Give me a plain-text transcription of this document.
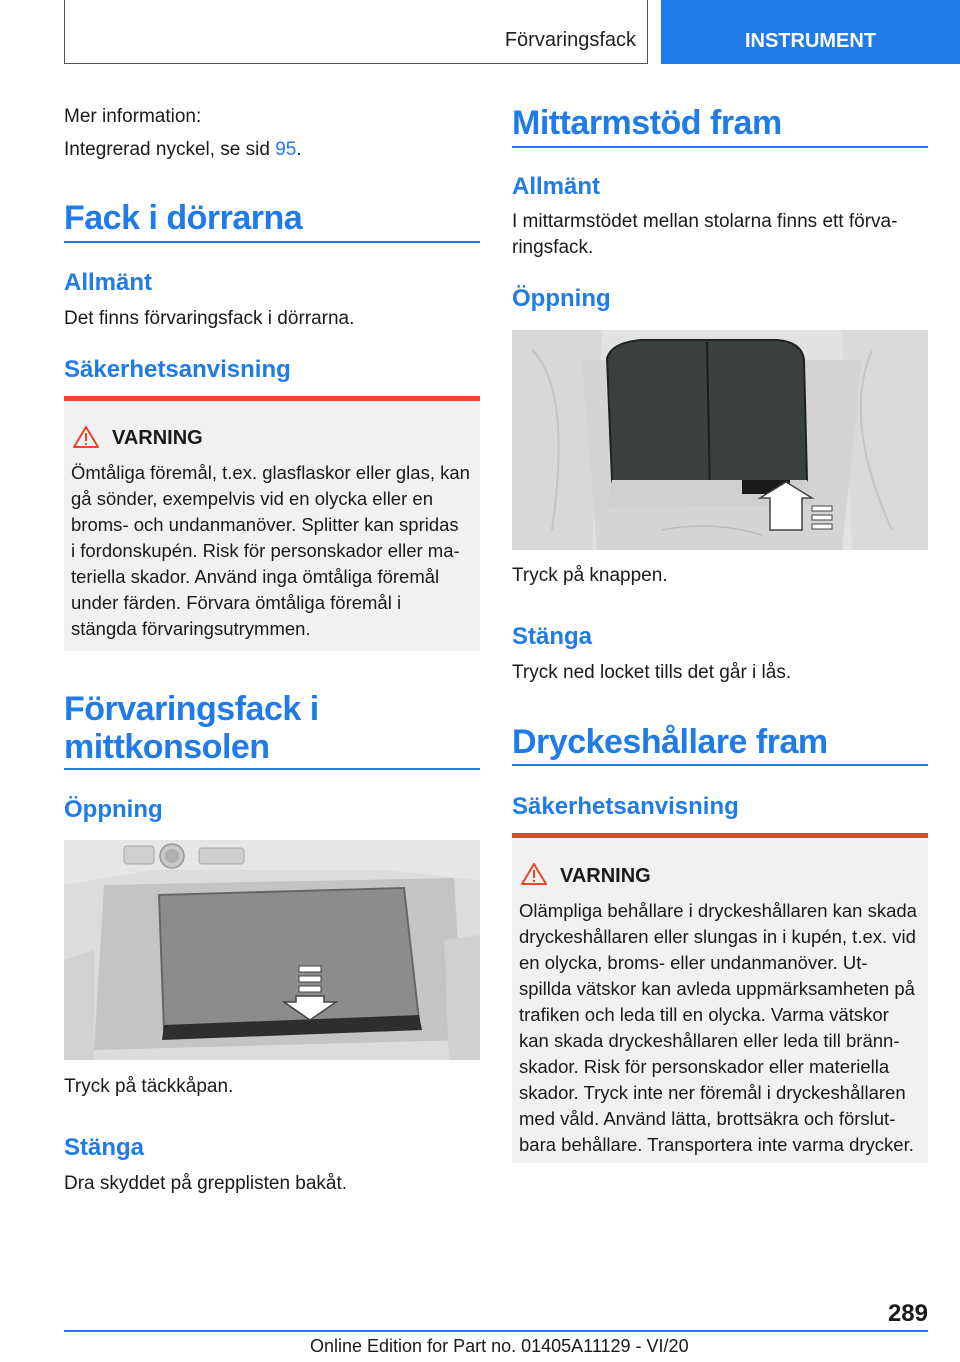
Förvaringsfack	INSTRUMENT
Mer information:
Integrerad nyckel, se sid 95.
Fack i dörrarna
Allmänt
Det finns förvaringsfack i dörrarna.
Säkerhetsanvisning
VARNING
Ömtåliga föremål, t.ex. glasflaskor eller glas, kan
gå sönder, exempelvis vid en olycka eller en
broms- och undanmanöver. Splitter kan spridas
i fordonskupén. Risk för personskador eller ma-
teriella skador. Använd inga ömtåliga föremål
under färden. Förvara ömtåliga föremål i
stängda förvaringsutrymmen.
Förvaringsfack i
mittkonsolen
Öppning
Tryck på täckkåpan.
Stänga
Dra skyddet på grepplisten bakåt.
Mittarmstöd fram
Allmänt
I mittarmstödet mellan stolarna finns ett förva-
ringsfack.
Öppning
Tryck på knappen.
Stänga
Tryck ned locket tills det går i lås.
Dryckeshållare fram
Säkerhetsanvisning
VARNING
Olämpliga behållare i dryckeshållaren kan skada
dryckeshållaren eller slungas in i kupén, t.ex. vid
en olycka, broms- eller undanmanöver. Ut-
spillda vätskor kan avleda uppmärksamheten på
trafiken och leda till en olycka. Varma vätskor
kan skada dryckeshållaren eller leda till bränn-
skador. Risk för personskador eller materiella
skador. Tryck inte ner föremål i dryckeshållaren
med våld. Använd lätta, brottsäkra och förslut-
bara behållare. Transportera inte varma drycker.
289
Online Edition for Part no. 01405A11129 - VI/20
